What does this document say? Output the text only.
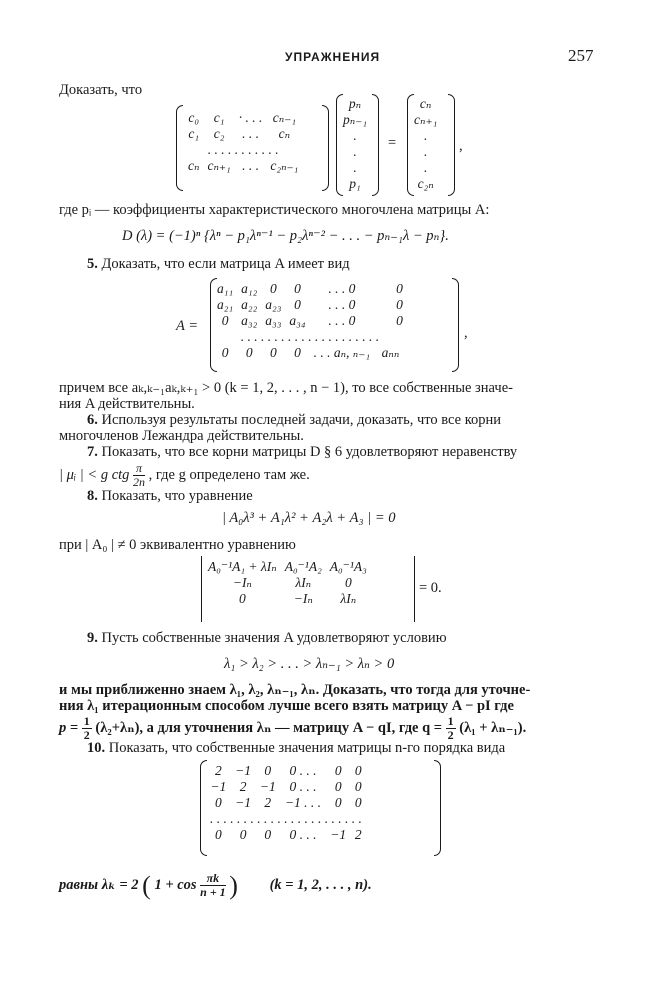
УПРАЖНЕНИЯ	257
Доказать, что
c₀	c₁	· . . .	cₙ₋₁
c₁	c₂	. . .	cₙ
. . . . . . . . . . .			
cₙ	cₙ₊₁	. . .	c₂ₙ₋₁
pₙ
pₙ₋₁
.
.
.
p₁
=
cₙ
cₙ₊₁
.
.
.
c₂ₙ
,
где pᵢ — коэффициенты характеристического многочлена матрицы A:
D (λ) = (−1)ⁿ {λⁿ − p₁λⁿ⁻¹ − p₂λⁿ⁻² − . . . − pₙ₋₁λ − pₙ}.
5. Доказать, что если матрица A имеет вид
A =
a₁₁	a₁₂	0	0	. . . 0	0
a₂₁	a₂₂	a₂₃	0	. . . 0	0
0	a₃₂	a₃₃	a₃₄	. . . 0	0
. . . . . . . . . . . . . . . . . . . . .					
0	0	0	0	. . . aₙ, ₙ₋₁	aₙₙ
,
причем все aₖ,ₖ₋₁aₖ,ₖ₊₁ > 0 (k = 1, 2, . . . , n − 1), то все собственные значе-
ния A действительны.
6. Используя результаты последней задачи, доказать, что все корни
многочленов Лежандра действительны.
7. Показать, что все корни матрицы D § 6 удовлетворяют неравенству
| μᵢ | < g ctg $\frac{\pi}{2n}$ , где g определено там же.
8. Показать, что уравнение
| A₀λ³ + A₁λ² + A₂λ + A₃ | = 0
при | A₀ | ≠ 0 эквивалентно уравнению
A₀⁻¹A₁ + λIₙ	A₀⁻¹A₂	A₀⁻¹A₃
−Iₙ	λIₙ	0
0	−Iₙ	λIₙ
= 0.
9. Пусть собственные значения A удовлетворяют условию
λ₁ > λ₂ > . . . > λₙ₋₁ > λₙ > 0
и мы приближенно знаем λ₁, λ₂, λₙ₋₁, λₙ. Доказать, что тогда для уточне-
ния λ₁ итерационным способом лучше всего взять матрицу A − pI где
$p = \frac{1}{2} (\lambda_2+\lambda_n)$, а для уточнения λₙ — матрицу A − qI, где $q = \frac{1}{2} (\lambda_1 + \lambda_{n-1})$.
10. Показать, что собственные значения матрицы n-го порядка вида
2	−1	0	0 . . .	0	0
−1	2	−1	0 . . .	0	0
0	−1	2	−1 . . .	0	0
. . . . . . . . . . . . . . . . . . . . . . .					
0	0	0	0 . . .	−1	2
равны λₖ = 2 ( $1 + \cos \frac{\pi k}{n + 1}$ ) (k = 1, 2, . . . , n).
